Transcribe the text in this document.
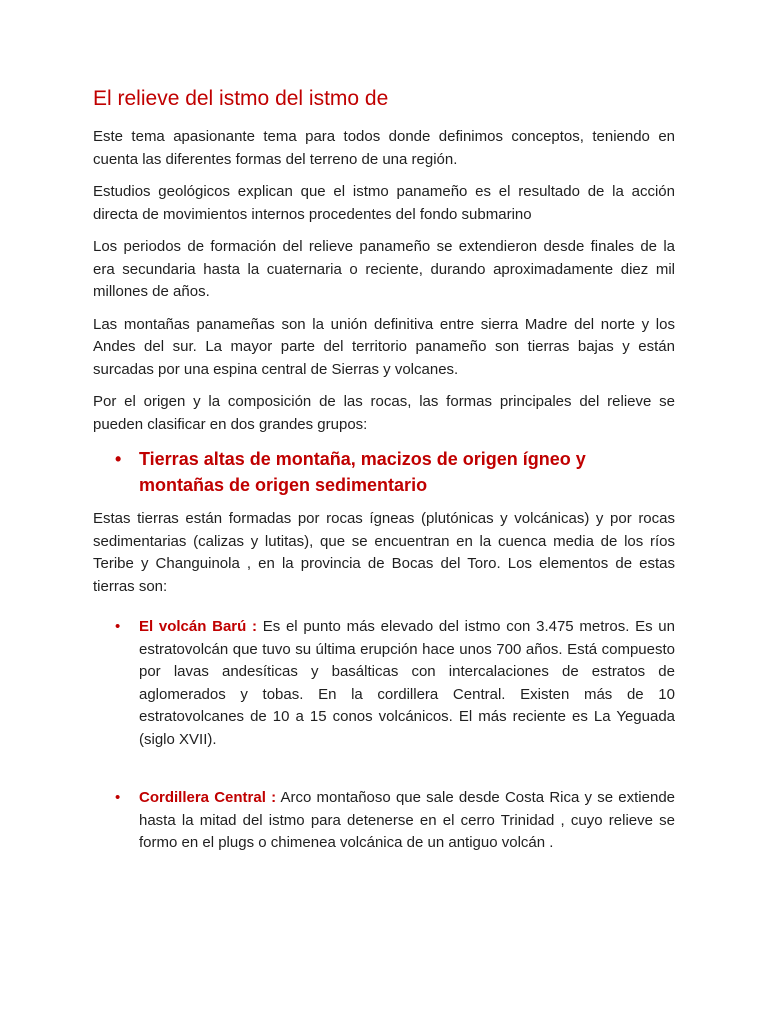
El relieve del istmo del istmo de

Este tema apasionante tema para todos donde definimos conceptos, teniendo en cuenta las diferentes formas del terreno de una región.

Estudios geológicos explican que el istmo panameño es el resultado de la acción directa de movimientos internos procedentes del fondo submarino

Los periodos de formación del relieve panameño se extendieron desde finales de la era secundaria hasta la cuaternaria o reciente, durando aproximadamente diez mil millones de años.

Las montañas panameñas son la unión definitiva entre sierra Madre del norte y los Andes del sur. La mayor parte del territorio panameño son tierras bajas y están surcadas por una espina central de Sierras y volcanes.

Por el origen y la composición de las rocas, las formas principales del relieve se pueden clasificar en dos grandes grupos:

• Tierras altas de montaña, macizos de origen ígneo y montañas de origen sedimentario

Estas tierras están formadas por rocas ígneas (plutónicas y volcánicas) y por rocas sedimentarias (calizas y lutitas), que se encuentran en la cuenca media de los ríos Teribe y Changuinola , en la provincia de Bocas del Toro. Los elementos de estas tierras son:

• El volcán Barú : Es el punto más elevado del istmo con 3.475 metros. Es un estratovolcán que tuvo su última erupción hace unos 700 años. Está compuesto por lavas andesíticas y basálticas con intercalaciones de estratos de aglomerados y tobas. En la cordillera Central. Existen más de 10 estratovolcanes de 10 a 15 conos volcánicos. El más reciente es La Yeguada (siglo XVII).
• Cordillera Central : Arco montañoso que sale desde Costa Rica y se extiende hasta la mitad del istmo para detenerse en el cerro Trinidad , cuyo relieve se formo en el plugs o chimenea volcánica de un antiguo volcán .
